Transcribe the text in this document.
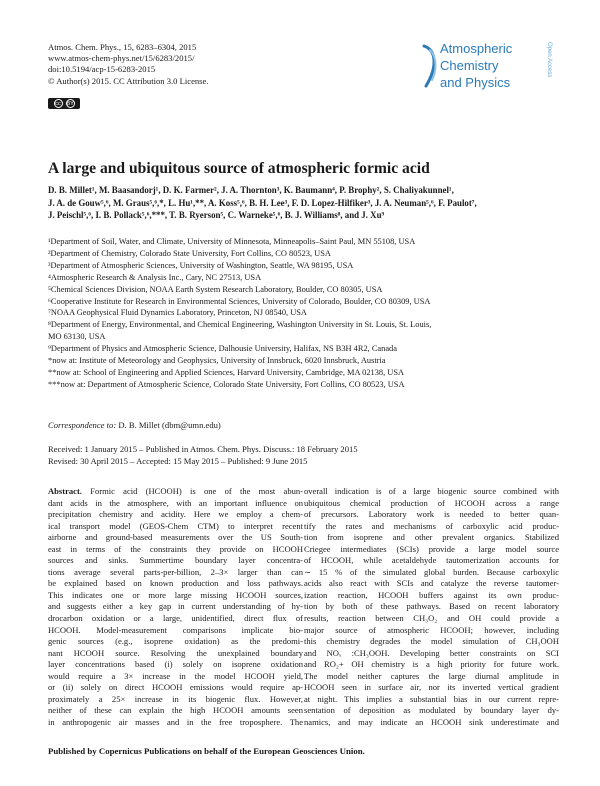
Atmos. Chem. Phys., 15, 6283–6304, 2015
www.atmos-chem-phys.net/15/6283/2015/
doi:10.5194/acp-15-6283-2015
© Author(s) 2015. CC Attribution 3.0 License.
cc	BY
Atmospheric
Chemistry
and Physics
Open Access
A large and ubiquitous source of atmospheric formic acid
D. B. Millet¹, M. Baasandorj¹, D. K. Farmer², J. A. Thornton³, K. Baumann⁴, P. Brophy², S. Chaliyakunnel¹,
J. A. de Gouw⁵,⁶, M. Graus⁵,⁶,*, L. Hu¹,**, A. Koss⁵,⁶, B. H. Lee³, F. D. Lopez-Hilfiker³, J. A. Neuman⁵,⁶, F. Paulot⁷,
J. Peischl⁵,⁶, I. B. Pollack⁵,⁶,***, T. B. Ryerson⁵, C. Warneke⁵,⁶, B. J. Williams⁸, and J. Xu⁹
¹Department of Soil, Water, and Climate, University of Minnesota, Minneapolis–Saint Paul, MN 55108, USA
²Department of Chemistry, Colorado State University, Fort Collins, CO 80523, USA
³Department of Atmospheric Sciences, University of Washington, Seattle, WA 98195, USA
⁴Atmospheric Research & Analysis Inc., Cary, NC 27513, USA
⁵Chemical Sciences Division, NOAA Earth System Research Laboratory, Boulder, CO 80305, USA
⁶Cooperative Institute for Research in Environmental Sciences, University of Colorado, Boulder, CO 80309, USA
⁷NOAA Geophysical Fluid Dynamics Laboratory, Princeton, NJ 08540, USA
⁸Department of Energy, Environmental, and Chemical Engineering, Washington University in St. Louis, St. Louis,
MO 63130, USA
⁹Department of Physics and Atmospheric Science, Dalhousie University, Halifax, NS B3H 4R2, Canada
*now at: Institute of Meteorology and Geophysics, University of Innsbruck, 6020 Innsbruck, Austria
**now at: School of Engineering and Applied Sciences, Harvard University, Cambridge, MA 02138, USA
***now at: Department of Atmospheric Science, Colorado State University, Fort Collins, CO 80523, USA
Correspondence to: D. B. Millet (dbm@umn.edu)
Received: 1 January 2015 – Published in Atmos. Chem. Phys. Discuss.: 18 February 2015
Revised: 30 April 2015 – Accepted: 15 May 2015 – Published: 9 June 2015
Abstract. Formic acid (HCOOH) is one of the most abun-
dant acids in the atmosphere, with an important influence on
precipitation chemistry and acidity. Here we employ a chem-
ical transport model (GEOS-Chem CTM) to interpret recent
airborne and ground-based measurements over the US South-
east in terms of the constraints they provide on HCOOH
sources and sinks. Summertime boundary layer concentra-
tions average several parts-per-billion, 2–3× larger than can
be explained based on known production and loss pathways.
This indicates one or more large missing HCOOH sources,
and suggests either a key gap in current understanding of hy-
drocarbon oxidation or a large, unidentified, direct flux of
HCOOH. Model-measurement comparisons implicate bio-
genic sources (e.g., isoprene oxidation) as the predomi-
nant HCOOH source. Resolving the unexplained boundary
layer concentrations based (i) solely on isoprene oxidation
would require a 3× increase in the model HCOOH yield,
or (ii) solely on direct HCOOH emissions would require ap-
proximately a 25× increase in its biogenic flux. However,
neither of these can explain the high HCOOH amounts seen
in anthropogenic air masses and in the free troposphere. The
overall indication is of a large biogenic source combined with
ubiquitous chemical production of HCOOH across a range
of precursors. Laboratory work is needed to better quan-
tify the rates and mechanisms of carboxylic acid produc-
tion from isoprene and other prevalent organics. Stabilized
Criegee intermediates (SCIs) provide a large model source
of HCOOH, while acetaldehyde tautomerization accounts for
∼ 15 % of the simulated global burden. Because carboxylic
acids also react with SCIs and catalyze the reverse tautomer-
ization reaction, HCOOH buffers against its own produc-
tion by both of these pathways. Based on recent laboratory
results, reaction between CH₃O₂ and OH could provide a
major source of atmospheric HCOOH; however, including
this chemistry degrades the model simulation of CH₃OOH
and NOₓ :CH₃OOH. Developing better constraints on SCI
and RO₂+ OH chemistry is a high priority for future work.
The model neither captures the large diurnal amplitude in
HCOOH seen in surface air, nor its inverted vertical gradient
at night. This implies a substantial bias in our current repre-
sentation of deposition as modulated by boundary layer dy-
namics, and may indicate an HCOOH sink underestimate and
Published by Copernicus Publications on behalf of the European Geosciences Union.
